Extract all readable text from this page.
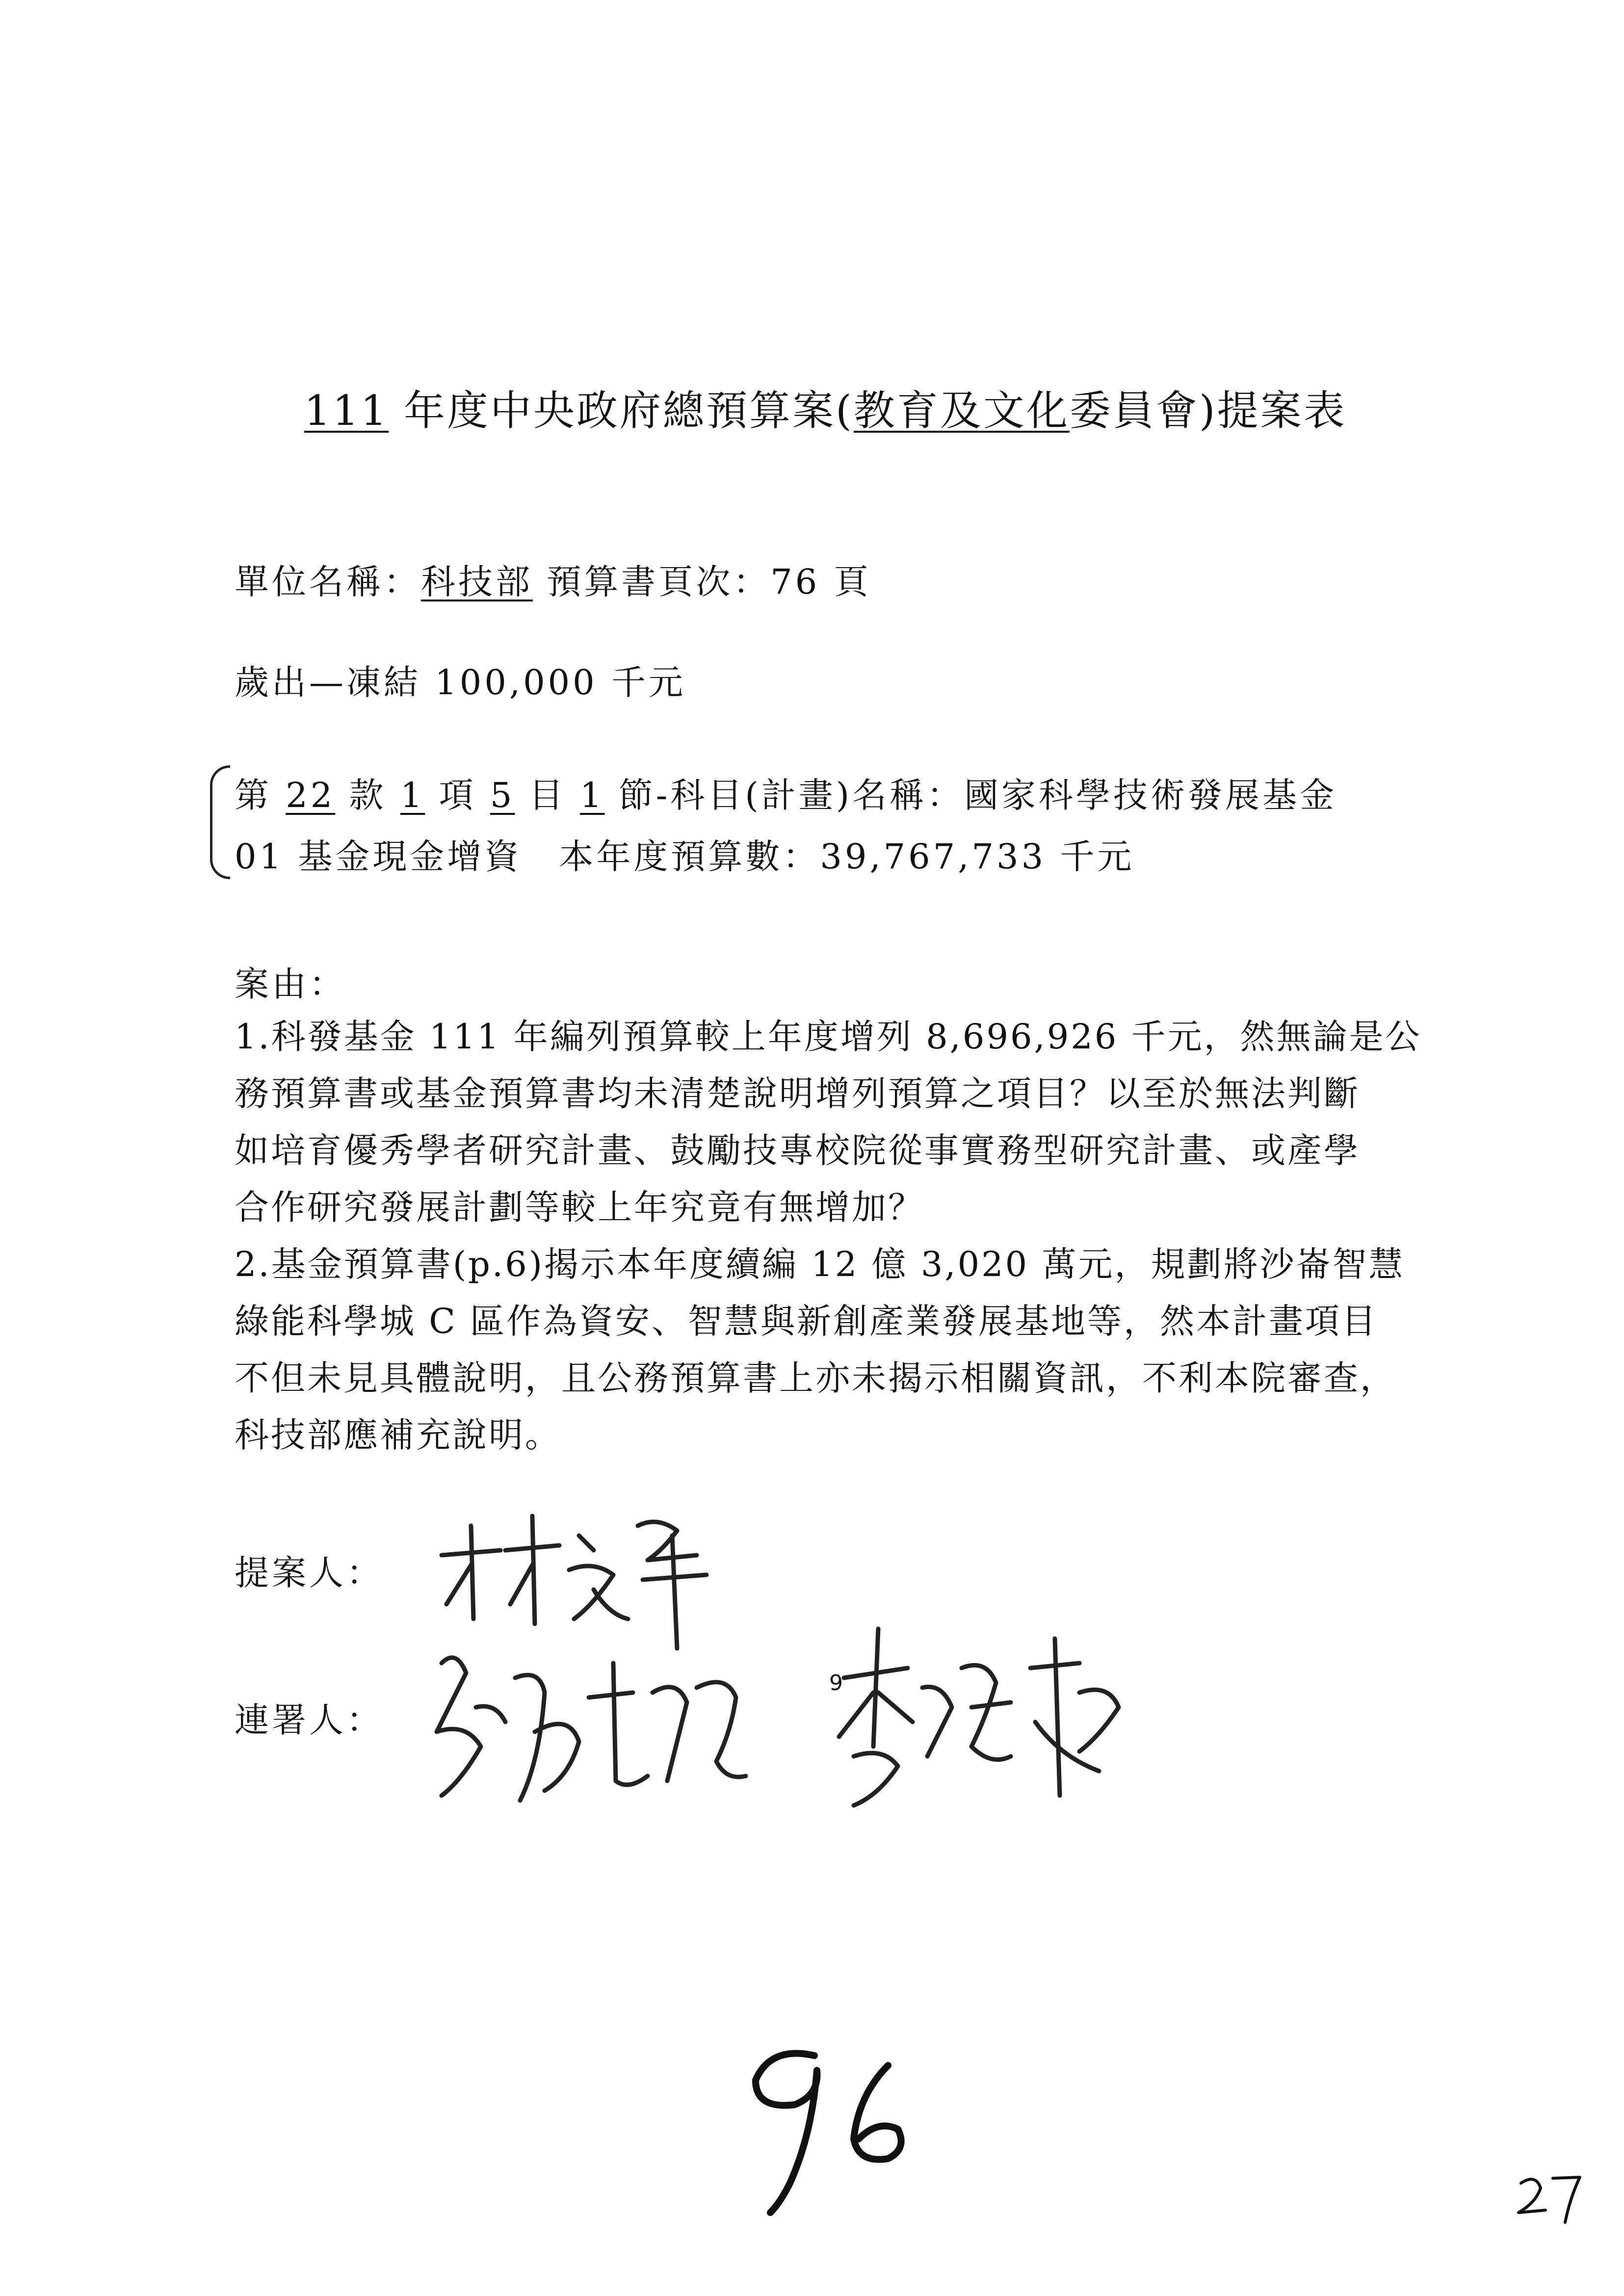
111 年度中央政府總預算案(教育及文化委員會)提案表
單位名稱：科技部 預算書頁次：76 頁
歲出—凍結 100,000 千元
第 22 款 1 項 5 目 1 節-科目(計畫)名稱：國家科學技術發展基金
01 基金現金增資　本年度預算數：39,767,733 千元
案由：
1.科發基金 111 年編列預算較上年度增列 8,696,926 千元，然無論是公
務預算書或基金預算書均未清楚說明增列預算之項目？以至於無法判斷
如培育優秀學者研究計畫、鼓勵技專校院從事實務型研究計畫、或產學
合作研究發展計劃等較上年究竟有無增加？
2.基金預算書(p.6)揭示本年度續編 12 億 3,020 萬元，規劃將沙崙智慧
綠能科學城 C 區作為資安、智慧與新創產業發展基地等，然本計畫項目
不但未見具體說明，且公務預算書上亦未揭示相關資訊，不利本院審查，
科技部應補充說明。
提案人：
連署人：
9
